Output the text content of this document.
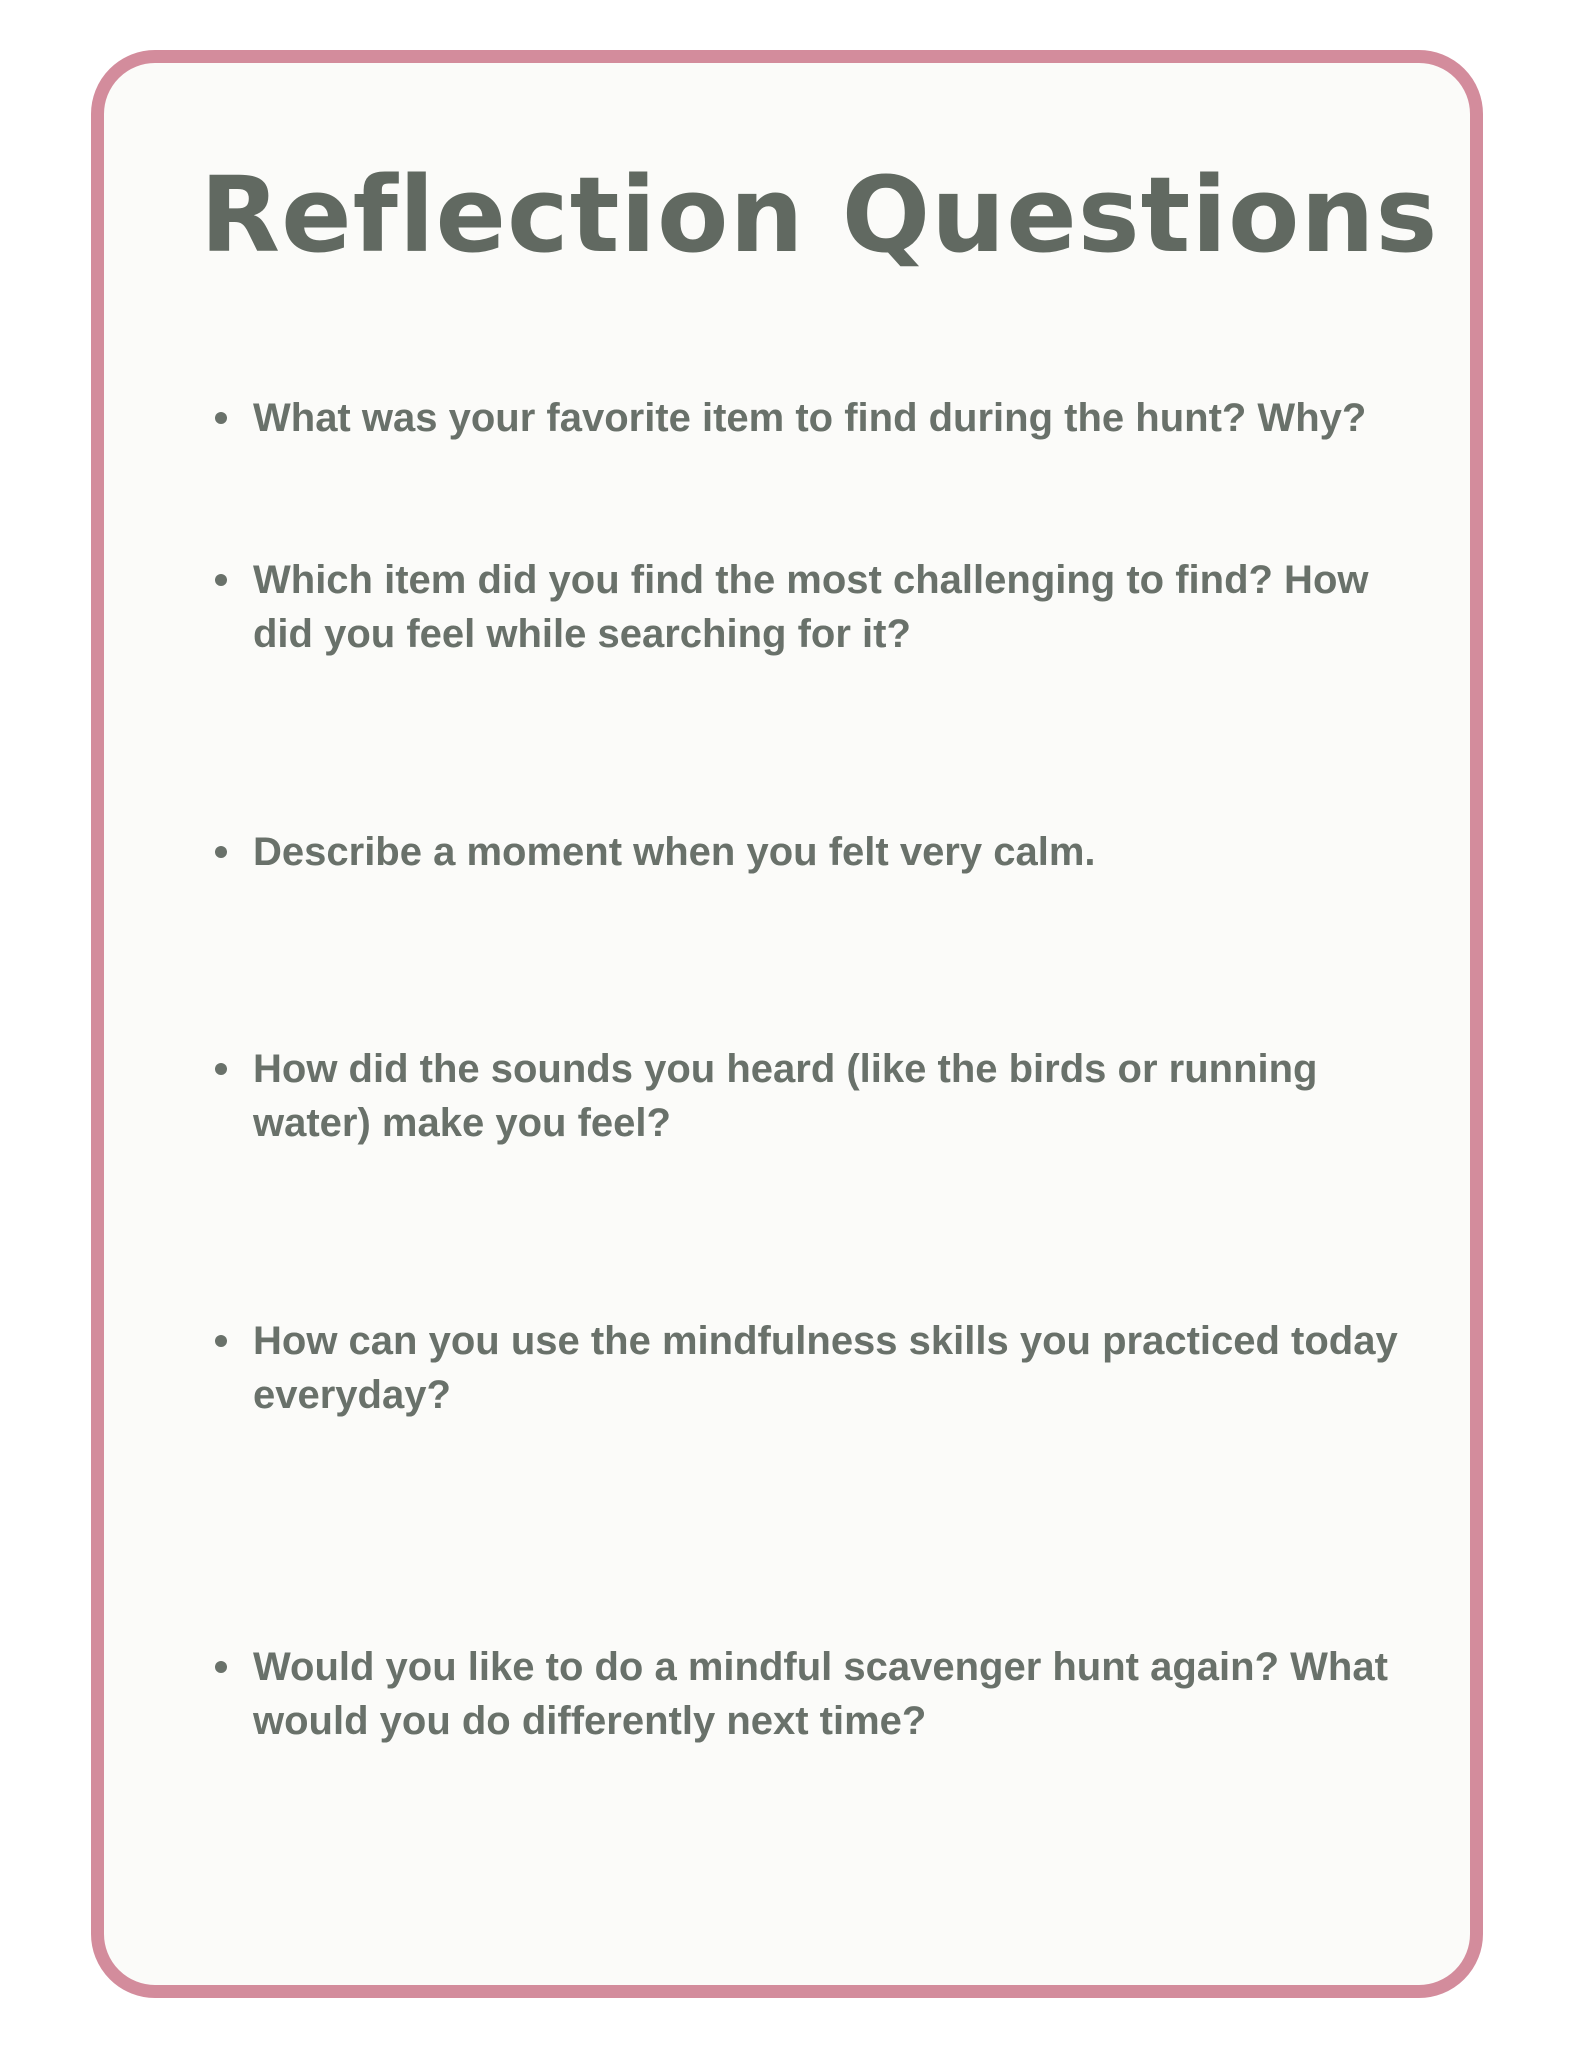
Reflection Questions
What was your favorite item to find during the hunt? Why?
Which item did you find the most challenging to find? How did you feel while searching for it?
Describe a moment when you felt very calm.
How did the sounds you heard (like the birds or running water) make you feel?
How can you use the mindfulness skills you practiced today everyday?
Would you like to do a mindful scavenger hunt again? What would you do differently next time?
